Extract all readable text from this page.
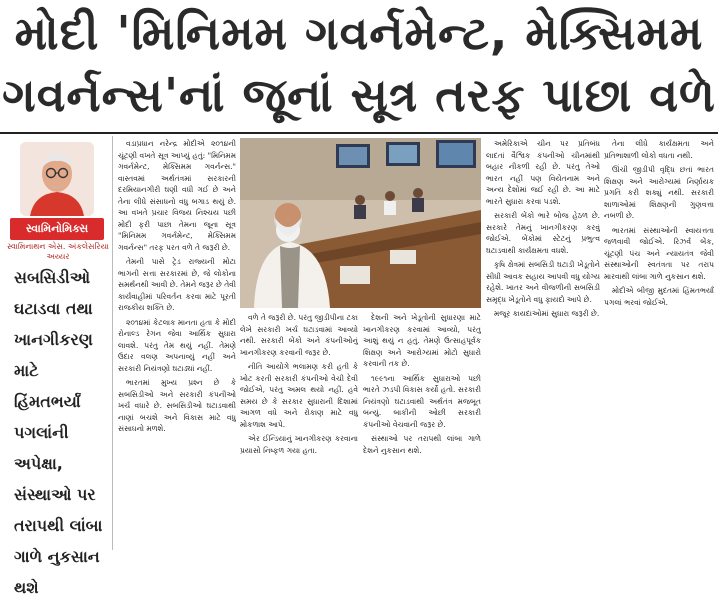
મોદી 'મિનિમમ ગવર્નમેન્ટ, મેક્સિમમ
ગવર્નન્સ'નાં જૂનાં સૂત્ર તરફ પાછા વળે
સ્વામિનોમિક્સ
સ્વામિનાથન એસ. અંકલેસરિયા અય્યર
સબસિડીઓ ઘટાડવા તથા ખાનગીકરણ માટે હિંમતભર્યાં પગલાંની અપેક્ષા, સંસ્થાઓ પર તરાપથી લાંબા ગાળે નુકસાન થશે

વડાપ્રધાન નરેન્દ્ર મોદીએ ૨૦૧૪ની ચૂંટણી વખતે સૂત્ર આપ્યું હતું: "મિનિમમ ગવર્નમેન્ટ, મેક્સિમમ ગવર્નન્સ." વાસ્તવમાં અર્થતંત્રમાં સરકારની દરમિયાનગીરી ઘણી વધી ગઈ છે અને તેના લીધે સંસાધનો વધુ બગાડ થયું છે. આ વખતે પ્રચાર વિજય નિશ્ચય પછી મોદી ફરી પાછા તેમના જૂના સૂત્ર "મિનિમમ ગવર્નમેન્ટ, મેક્સિમમ ગવર્નન્સ" તરફ પરત વળે તે જરૂરી છે.

તેમની પાસે ટ્રેડ રાજ્યની મોટા ભાગની સત્તા સરકારમાં છે, જે લોકોના સમર્થનથી આવી છે. તેમને જરૂર છે તેવી કાર્યવાહીમાં પરિવર્તન કરવા માટે પૂરતી રાજકીય શક્તિ છે.

૨૦૧૪માં કેટલાક માનતા હતા કે મોદી રોનાલ્ડ રેગન જેવા આર્થિક સુધારા લાવશે. પરંતુ તેમ થયું નહીં. તેમણે ઉદાર વલણ અપનાવ્યું નહીં અને સરકારી નિયંત્રણો ઘટાડ્યાં નહીં.

ભારતમાં મુખ્ય પ્રશ્ન છે કે સબસિડીઓ અને સરકારી કંપનીઓ ખર્ચ વધારે છે. સબસિડીઓ ઘટાડવાથી નાણાં બચશે અને વિકાસ માટે વધુ સંસાધનો મળશે.

વળે તે જરૂરી છે. પરંતુ જીડીપીના ટકા લેખે સરકારી ખર્ચ ઘટાડવામાં આવ્યો નથી. સરકારી બેંકો અને કંપનીઓનું ખાનગીકરણ કરવાની જરૂર છે.

નીતિ આયોગે ભલામણ કરી હતી કે ખોટ કરતી સરકારી કંપનીઓ વેચી દેવી જોઈએ, પરંતુ અમલ થયો નહીં. હવે સમય છે કે સરકાર સુધારાની દિશામાં આગળ વધે અને રોકાણ માટે વધુ મોકળાશ આપે.

એર ઈન્ડિયાનું ખાનગીકરણ કરવાના પ્રયાસો નિષ્ફળ ગયા હતા.

દેશની અને ખેડૂતોની સુધારણા માટે ખાનગીકરણ કરવામાં આવ્યો, પરંતુ આશું થયું ન હતું. તેમણે ઉત્સાહપૂર્વક શિક્ષણ અને આરોગ્યમાં મોટો સુધારો કરવાની તક છે.

૧૯૯૧ના આર્થિક સુધારાઓ પછી ભારતે ઝડપી વિકાસ કર્યો હતો. સરકારી નિયંત્રણો ઘટાડવાથી અર્થતંત્ર મજબૂત બન્યું. બાકીની ઓછી સરકારી કંપનીઓ વેચવાની જરૂર છે.

સંસ્થાઓ પર તરાપથી લાંબા ગાળે દેશને નુકસાન થશે.

અમેરિકાએ ચીન પર પ્રતિબંધ લાદતાં વૈશ્વિક કંપનીઓ ચીનમાંથી બહાર નીકળી રહી છે. પરંતુ તેઓ ભારત નહીં પણ વિયેતનામ અને અન્ય દેશોમાં જઈ રહી છે. આ માટે ભારતે સુધારા કરવા પડશે.

સરકારી બેંકો ભારે બોજ હેઠળ છે. સરકારે તેમનું ખાનગીકરણ કરવું જોઈએ. બેંકોમાં સ્ટેટનું પ્રભુત્વ ઘટાડવાથી કાર્યક્ષમતા વધશે.

કૃષિ ક્ષેત્રમાં સબસિડી ઘટાડી ખેડૂતોને સીધી આવક સહાય આપવી વધુ યોગ્ય રહેશે. ખાતર અને વીજળીની સબસિડી સમૃદ્ધ ખેડૂતોને વધુ ફાયદો આપે છે.

મજૂર કાયદાઓમાં સુધારા જરૂરી છે.

તેના લીધે કાર્યક્ષમતા અને પ્રતિભાશાળી લોકો વધતા નથી.

ઊંચી જીડીપી વૃદ્ધિ છતાં ભારત શિક્ષણ અને આરોગ્યમાં નિર્ણાયક પ્રગતિ કરી શક્યું નથી. સરકારી શાળાઓમાં શિક્ષણની ગુણવત્તા નબળી છે.

ભારતમાં સંસ્થાઓની સ્વાયત્તતા જળવાવી જોઈએ. રિઝર્વ બેંક, ચૂંટણી પંચ અને ન્યાયતંત્ર જેવી સંસ્થાઓની સ્વતંત્રતા પર તરાપ મારવાથી લાંબા ગાળે નુકસાન થશે.

મોદીએ બીજી મુદતમાં હિંમતભર્યાં પગલાં ભરવાં જોઈએ.
